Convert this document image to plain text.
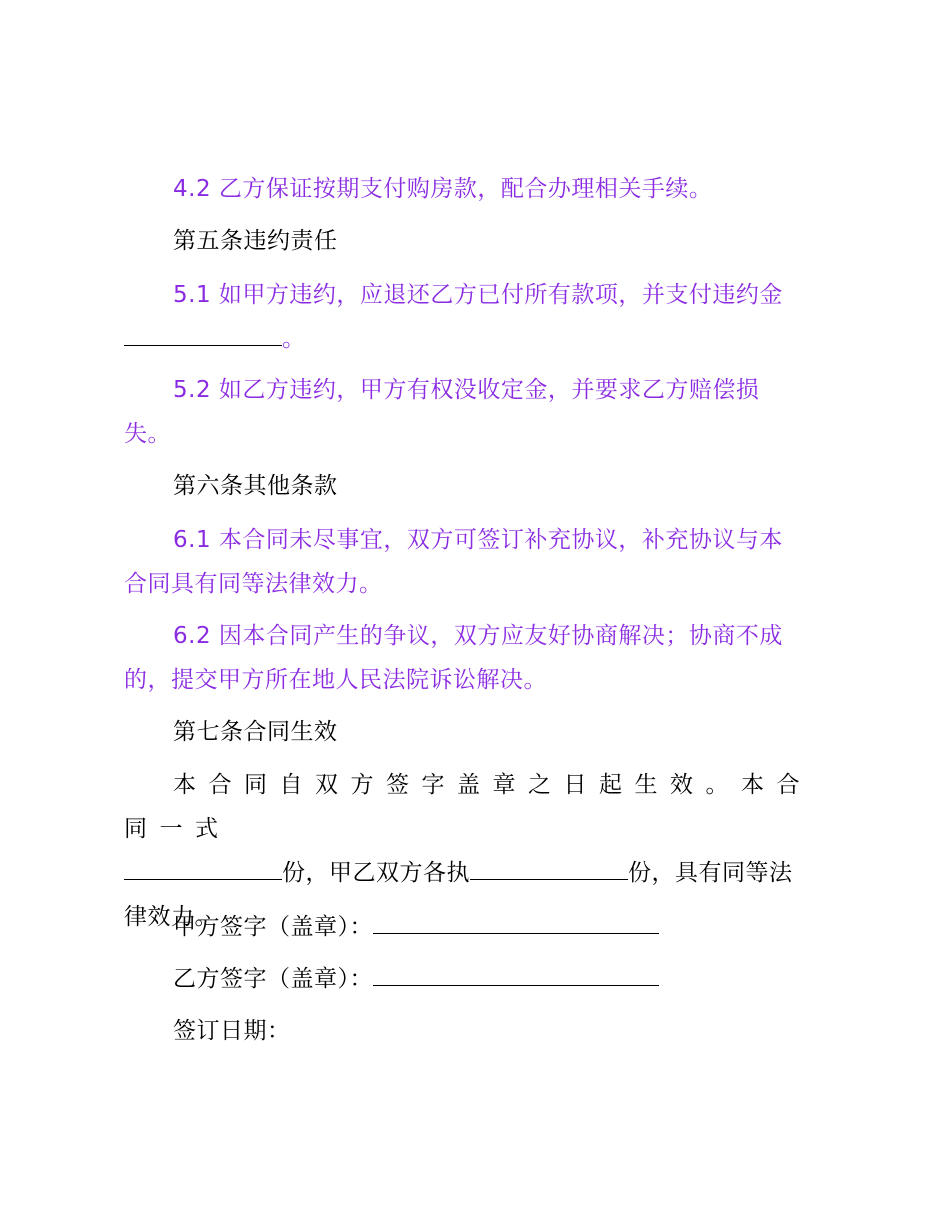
4.2 乙方保证按期支付购房款，配合办理相关手续。

第五条违约责任

5.1 如甲方违约，应退还乙方已付所有款项，并支付违约金
。

5.2 如乙方违约，甲方有权没收定金，并要求乙方赔偿损
失。

第六条其他条款

6.1 本合同未尽事宜，双方可签订补充协议，补充协议与本
合同具有同等法律效力。

6.2 因本合同产生的争议，双方应友好协商解决；协商不成
的，提交甲方所在地人民法院诉讼解决。

第七条合同生效

本合同自双方签字盖章之日起生效。本合同一式
份，甲乙双方各执	份，具有同等法
律效力。

甲方签字（盖章）：

乙方签字（盖章）：

签订日期：
